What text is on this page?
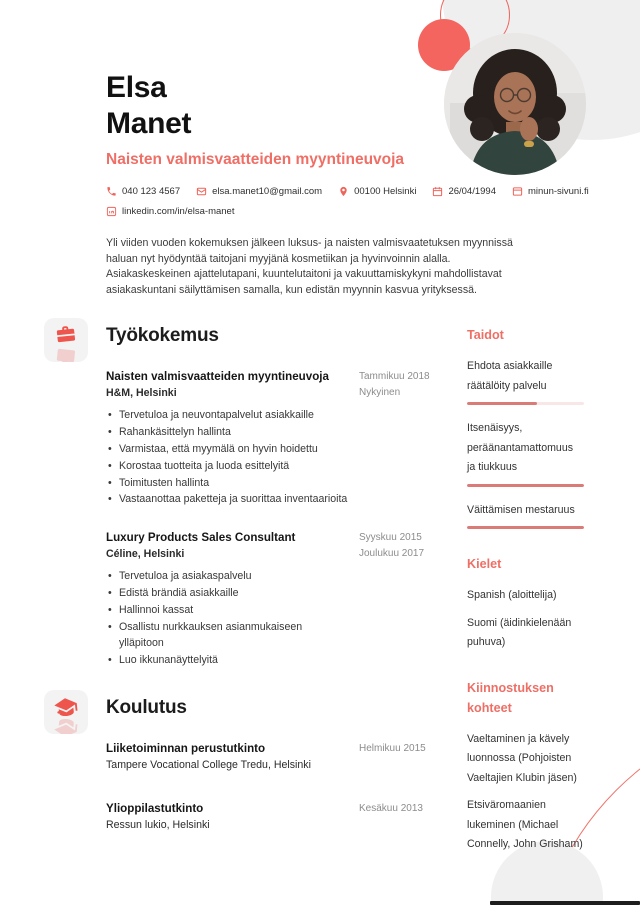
Elsa
Manet
Naisten valmisvaatteiden myyntineuvoja
040 123 4567	elsa.manet10@gmail.com	00100 Helsinki	26/04/1994	minun-sivuni.fi
linkedin.com/in/elsa-manet

Yli viiden vuoden kokemuksen jälkeen luksus- ja naisten valmisvaatetuksen myynnissä haluan nyt hyödyntää taitojani myyjänä kosmetiikan ja hyvinvoinnin alalla. Asiakaskeskeinen ajattelutapani, kuuntelutaitoni ja vakuuttamiskykyni mahdollistavat asiakaskuntani säilyttämisen samalla, kun edistän myynnin kasvua yrityksessä.

Työkokemus
Naisten valmisvaatteiden myyntineuvoja
H&M, Helsinki
• Tervetuloa ja neuvontapalvelut asiakkaille
• Rahankäsittelyn hallinta
• Varmistaa, että myymälä on hyvin hoidettu
• Korostaa tuotteita ja luoda esittelyitä
• Toimitusten hallinta
• Vastaanottaa paketteja ja suorittaa inventaarioita
Tammikuu 2018
Nykyinen
Luxury Products Sales Consultant
Céline, Helsinki
• Tervetuloa ja asiakaspalvelu
• Edistä brändiä asiakkaille
• Hallinnoi kassat
• Osallistu nurkkauksen asianmukaiseen ylläpitoon
• Luo ikkunanäyttelyitä
Syyskuu 2015
Joulukuu 2017
Koulutus
Liiketoiminnan perustutkinto
Tampere Vocational College Tredu, Helsinki
Helmikuu 2015
Ylioppilastutkinto
Ressun lukio, Helsinki
Kesäkuu 2013
Taidot
Ehdota asiakkaille räätälöity palvelu
Itsenäisyys, peräänantamattomuus ja tiukkuus
Väittämisen mestaruus
Kielet
Spanish (aloittelija)
Suomi (äidinkielenään puhuva)
Kiinnostuksen kohteet
Vaeltaminen ja kävely luonnossa (Pohjoisten Vaeltajien Klubin jäsen)
Etsiväromaanien lukeminen (Michael Connelly, John Grisham)
